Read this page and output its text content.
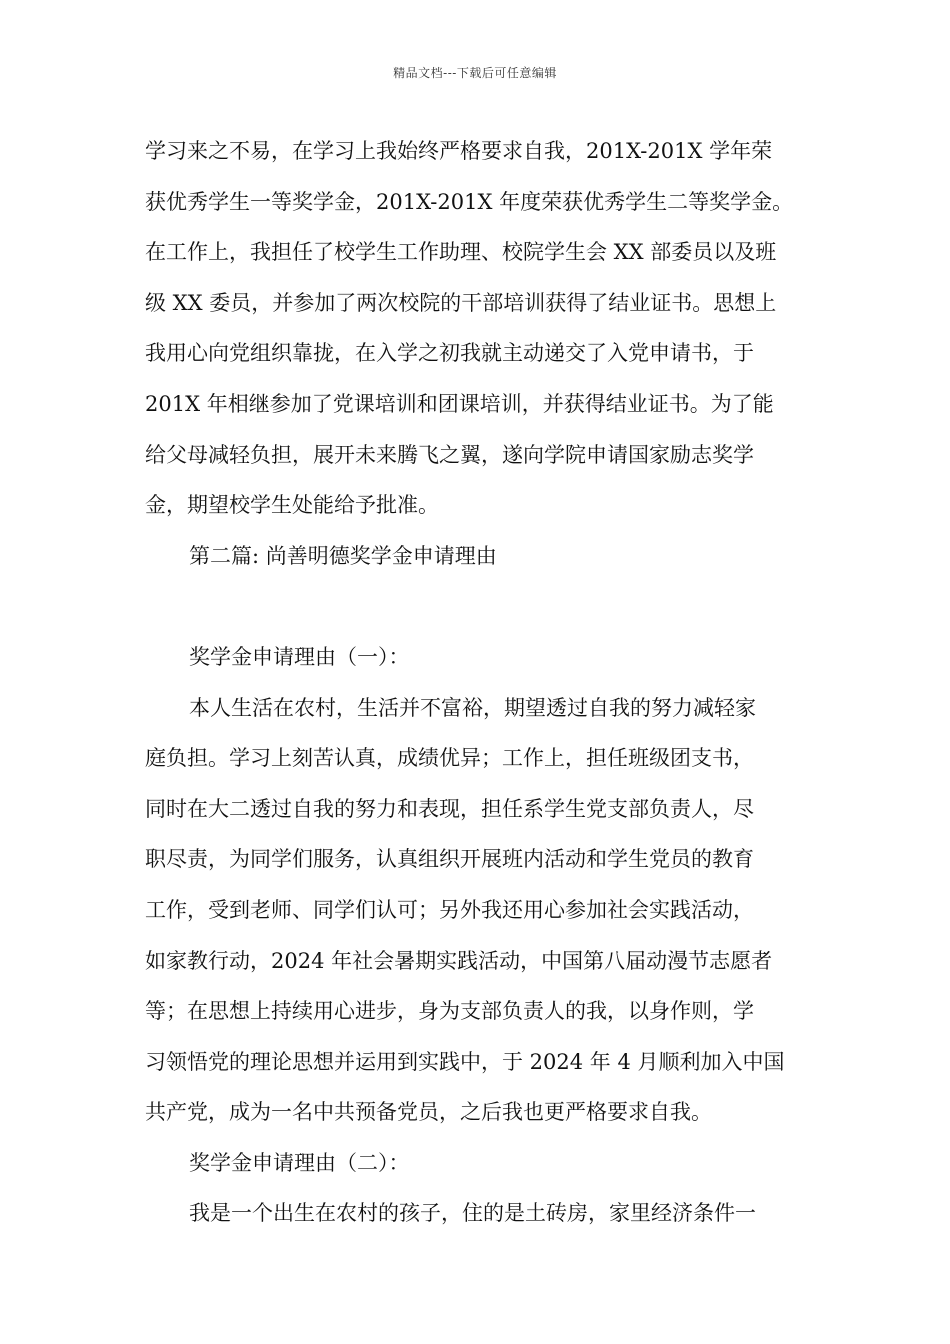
精品文档---下载后可任意编辑
学习来之不易，在学习上我始终严格要求自我，201X-201X 学年荣
获优秀学生一等奖学金，201X-201X 年度荣获优秀学生二等奖学金。
在工作上，我担任了校学生工作助理、校院学生会 XX 部委员以及班
级 XX 委员，并参加了两次校院的干部培训获得了结业证书。思想上
我用心向党组织靠拢，在入学之初我就主动递交了入党申请书，于
201X 年相继参加了党课培训和团课培训，并获得结业证书。为了能
给父母减轻负担，展开未来腾飞之翼，遂向学院申请国家励志奖学
金，期望校学生处能给予批准。
第二篇: 尚善明德奖学金申请理由
奖学金申请理由（一）：
本人生活在农村，生活并不富裕，期望透过自我的努力减轻家
庭负担。学习上刻苦认真，成绩优异；工作上，担任班级团支书，
同时在大二透过自我的努力和表现，担任系学生党支部负责人，尽
职尽责，为同学们服务，认真组织开展班内活动和学生党员的教育
工作，受到老师、同学们认可；另外我还用心参加社会实践活动，
如家教行动，2024 年社会暑期实践活动，中国第八届动漫节志愿者
等；在思想上持续用心进步，身为支部负责人的我，以身作则，学
习领悟党的理论思想并运用到实践中，于 2024 年 4 月顺利加入中国
共产党，成为一名中共预备党员，之后我也更严格要求自我。
奖学金申请理由（二）：
我是一个出生在农村的孩子，住的是土砖房，家里经济条件一
